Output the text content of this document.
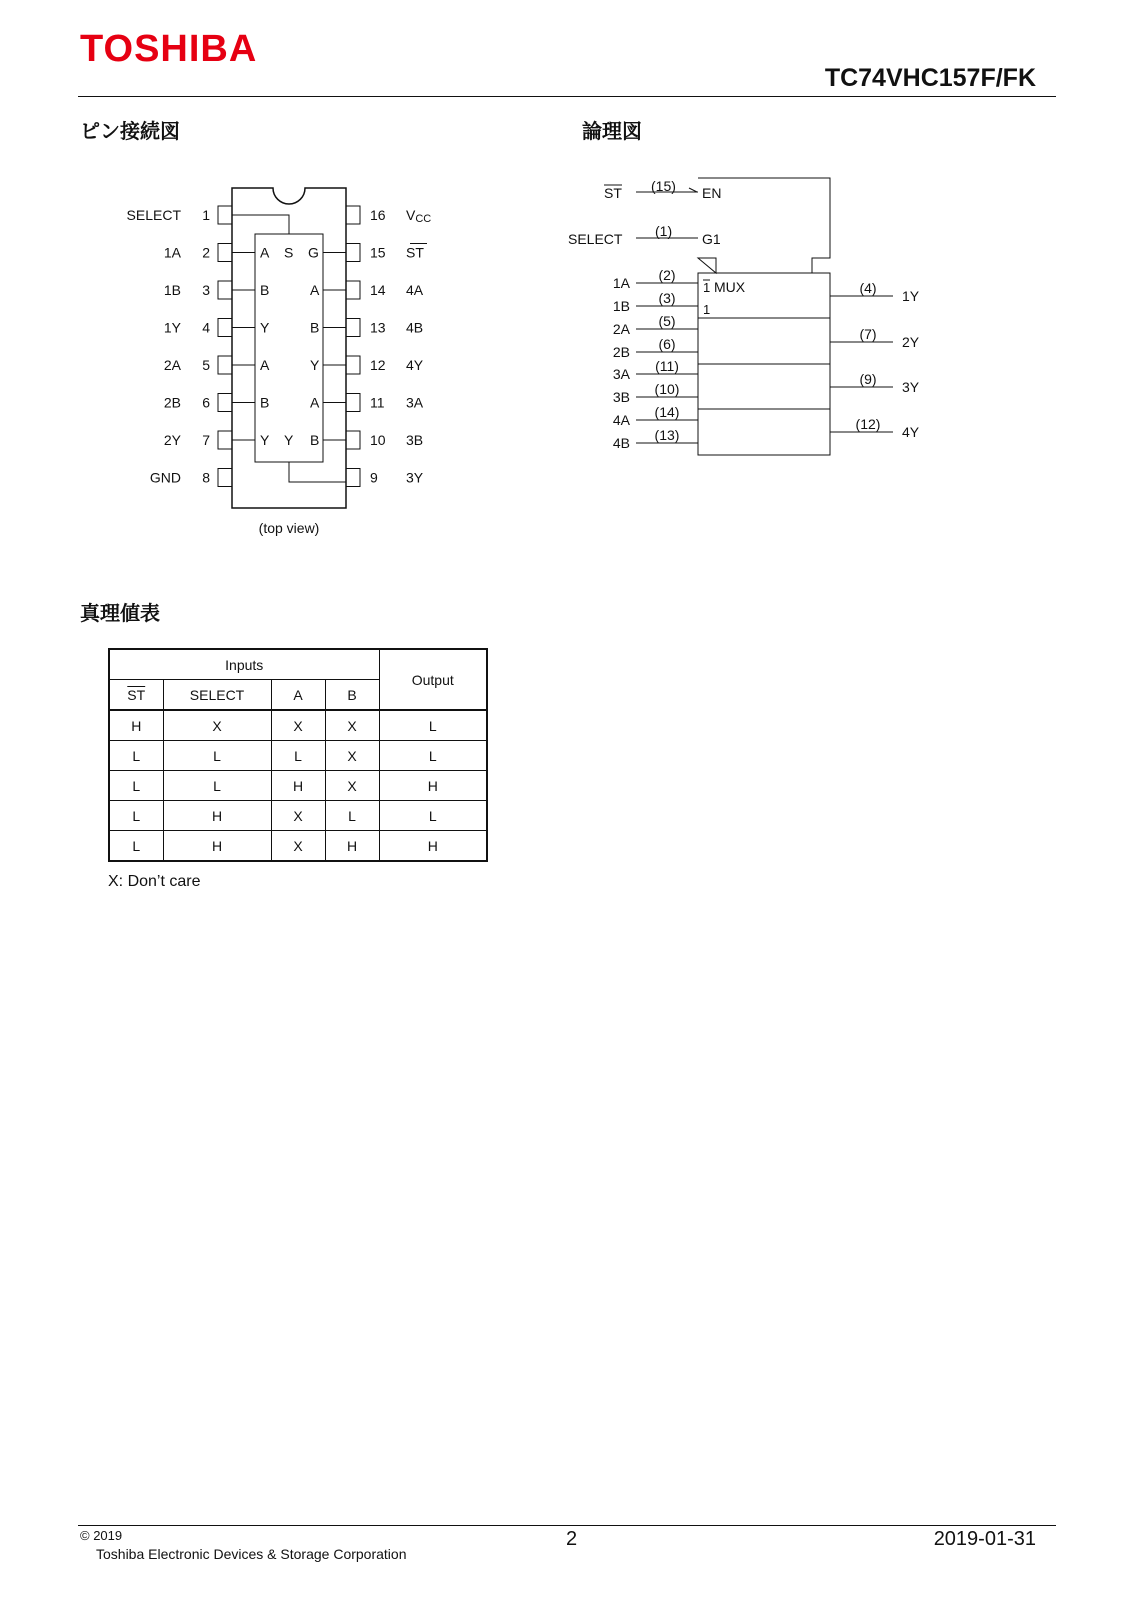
TOSHIBA
TC74VHC157F/FK
ピン接続図	論理図
真理値表
1
SELECT
2
1A
3
1B
4
1Y
5
2A
6
2B
7
2Y
8
GND
16 VCC
15 ST
14 4A
13 4B
12 4Y
11 3A
10 3B
9 3Y
A S G
B
Y
A
B
Y
A
B
Y
A
B
Y
(top view)
ST (15) EN
SELECT (1) G1
1 MUX
1
1A (2)
1B (3)
2A (5)
2B (6)
3A (11)
3B (10)
4A (14)
4B (13)
(4) 1Y
(7) 2Y
(9) 3Y
(12) 4Y
Inputs				Output
$\overline{ST}$	SELECT	A	B	
H	X	X	X	L
L	L	L	X	L
L	L	H	X	H
L	H	X	L	L
L	H	X	H	H
X: Don’t care
© 2019
Toshiba Electronic Devices & Storage Corporation
2	2019-01-31
